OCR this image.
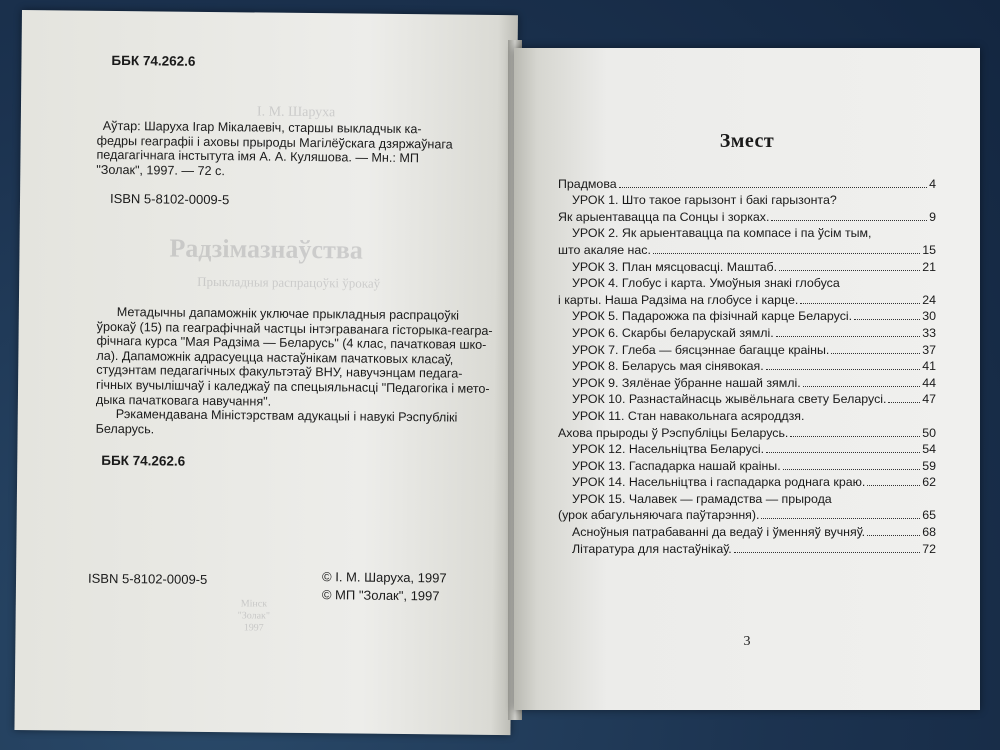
І. М. Шаруха
Радзімазнаўства
Прыкладныя распрацоўкі ўрокаў
ББК 74.262.6
Аўтар: Шаруха Ігар Мікалаевіч, старшы выкладчык ка-
федры геаграфіі і аховы прыроды Магілёўскага дзяржаўнага
педагагічнага інстытута імя А. А. Куляшова. — Мн.: МП
"Золак", 1997. — 72 с.
ISBN 5-8102-0009-5
Метадычны дапаможнік уключае прыкладныя распрацоўкі
ўрокаў (15) па геаграфічнай частцы інтэграванага гісторыка-геагра-
фічнага курса "Мая Радзіма — Беларусь" (4 клас, пачатковая шко-
ла). Дапаможнік адрасуецца настаўнікам пачатковых класаў,
студэнтам педагагічных факультэтаў ВНУ, навучэнцам педага-
гічных вучылішчаў і каледжаў па спецыяльнасці "Педагогіка і мето-
дыка пачатковага навучання".
Рэкамендавана Міністэрствам адукацыі і навукі Рэспублікі
Беларусь.
ББК 74.262.6
ISBN 5-8102-0009-5	© І. М. Шаруха, 1997
© МП "Золак", 1997
Мінск
"Золак"
1997
Змест
Прадмова	4
УРОК 1. Што такое гарызонт і бакі гарызонта?
Як арыентавацца па Сонцы і зорках.	9
УРОК 2. Як арыентавацца па компасе і па ўсім тым,
што акаляе нас.	15
УРОК 3. План мясцовасці. Маштаб.	21
УРОК 4. Глобус і карта. Умоўныя знакі глобуса
і карты. Наша Радзіма на глобусе і карце.	24
УРОК 5. Падарожжа па фізічнай карце Беларусі.	30
УРОК 6. Скарбы беларускай зямлі.	33
УРОК 7. Глеба — бясцэннае багацце краіны.	37
УРОК 8. Беларусь мая сінявокая.	41
УРОК 9. Зялёнае ўбранне нашай зямлі.	44
УРОК 10. Разнастайнасць жывёльнага свету Беларусі.	47
УРОК 11. Стан навакольнага асяроддзя.
Ахова прыроды ў Рэспубліцы Беларусь.	50
УРОК 12. Насельніцтва Беларусі.	54
УРОК 13. Гаспадарка нашай краіны.	59
УРОК 14. Насельніцтва і гаспадарка роднага краю.	62
УРОК 15. Чалавек — грамадства — прырода
(урок абагульняючага паўтарэння).	65
Асноўныя патрабаванні да ведаў і ўменняў вучняў.	68
Літаратура для настаўнікаў.	72
3
